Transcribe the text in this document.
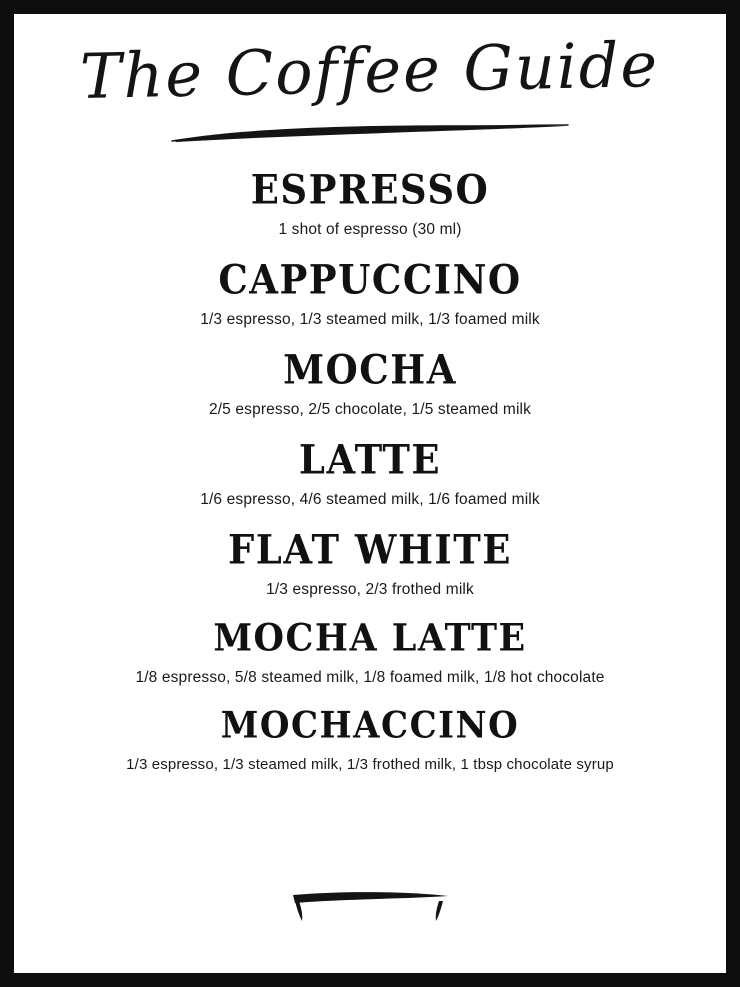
The Coffee Guide
ESPRESSO
1 shot of espresso (30 ml)
CAPPUCCINO
1/3 espresso, 1/3 steamed milk, 1/3 foamed milk
MOCHA
2/5 espresso, 2/5 chocolate, 1/5 steamed milk
LATTE
1/6 espresso, 4/6 steamed milk, 1/6 foamed milk
FLAT WHITE
1/3 espresso, 2/3 frothed milk
MOCHA LATTE
1/8 espresso, 5/8 steamed milk, 1/8 foamed milk, 1/8 hot chocolate
MOCHACCINO
1/3 espresso, 1/3 steamed milk, 1/3 frothed milk, 1 tbsp chocolate syrup
